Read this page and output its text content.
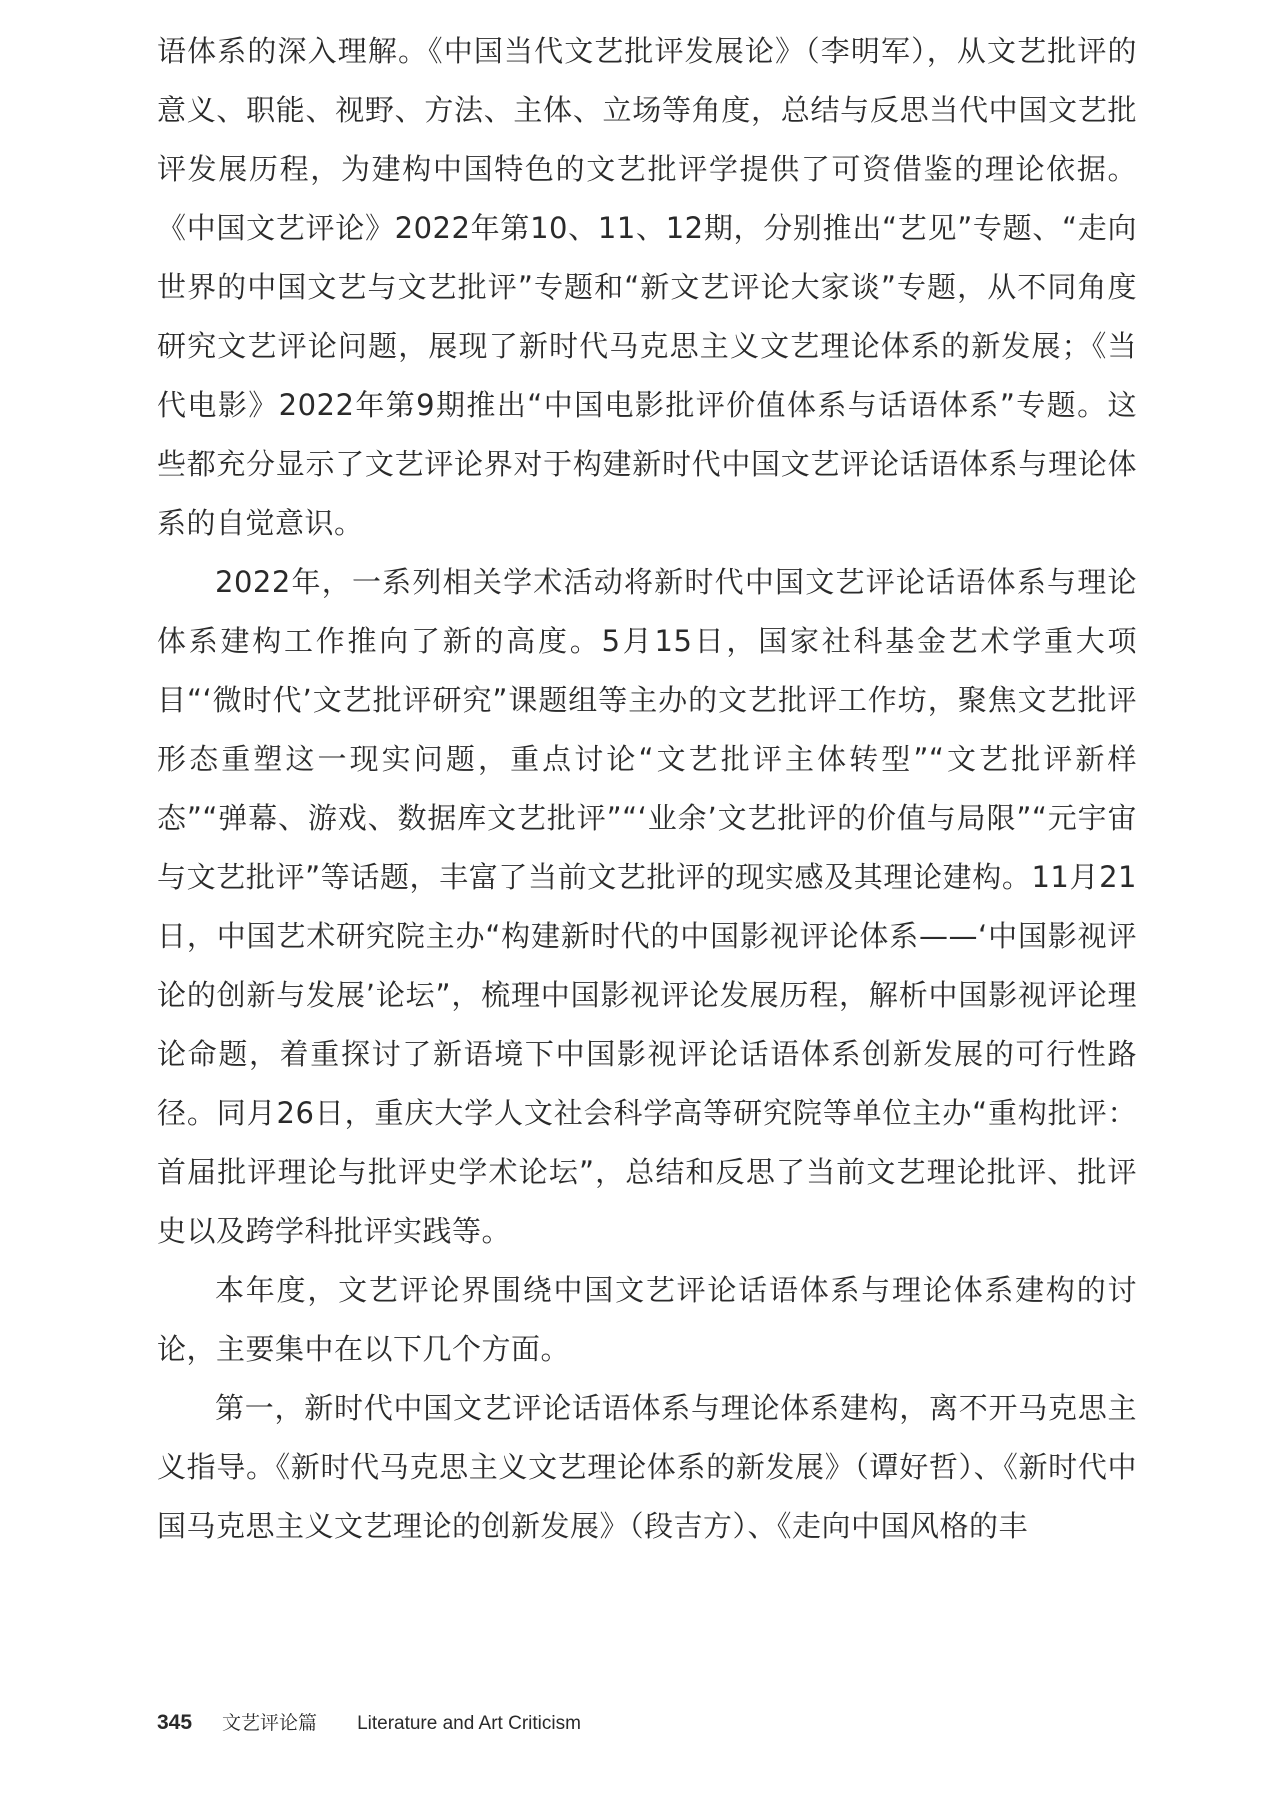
语体系的深入理解。《中国当代文艺批评发展论》（李明军），从文艺批评的意义、职能、视野、方法、主体、立场等角度，总结与反思当代中国文艺批评发展历程，为建构中国特色的文艺批评学提供了可资借鉴的理论依据。《中国文艺评论》2022年第10、11、12期，分别推出“艺见”专题、“走向世界的中国文艺与文艺批评”专题和“新文艺评论大家谈”专题，从不同角度研究文艺评论问题，展现了新时代马克思主义文艺理论体系的新发展；《当代电影》2022年第9期推出“中国电影批评价值体系与话语体系”专题。这些都充分显示了文艺评论界对于构建新时代中国文艺评论话语体系与理论体系的自觉意识。

2022年，一系列相关学术活动将新时代中国文艺评论话语体系与理论体系建构工作推向了新的高度。5月15日，国家社科基金艺术学重大项目“‘微时代’文艺批评研究”课题组等主办的文艺批评工作坊，聚焦文艺批评形态重塑这一现实问题，重点讨论“文艺批评主体转型”“文艺批评新样态”“弹幕、游戏、数据库文艺批评”“‘业余’文艺批评的价值与局限”“元宇宙与文艺批评”等话题，丰富了当前文艺批评的现实感及其理论建构。11月21日，中国艺术研究院主办“构建新时代的中国影视评论体系——‘中国影视评论的创新与发展’论坛”，梳理中国影视评论发展历程，解析中国影视评论理论命题，着重探讨了新语境下中国影视评论话语体系创新发展的可行性路径。同月26日，重庆大学人文社会科学高等研究院等单位主办“重构批评：首届批评理论与批评史学术论坛”，总结和反思了当前文艺理论批评、批评史以及跨学科批评实践等。

本年度，文艺评论界围绕中国文艺评论话语体系与理论体系建构的讨论，主要集中在以下几个方面。

第一，新时代中国文艺评论话语体系与理论体系建构，离不开马克思主义指导。《新时代马克思主义文艺理论体系的新发展》（谭好哲）、《新时代中国马克思主义文艺理论的创新发展》（段吉方）、《走向中国风格的丰

345 文艺评论篇 Literature and Art Criticism
